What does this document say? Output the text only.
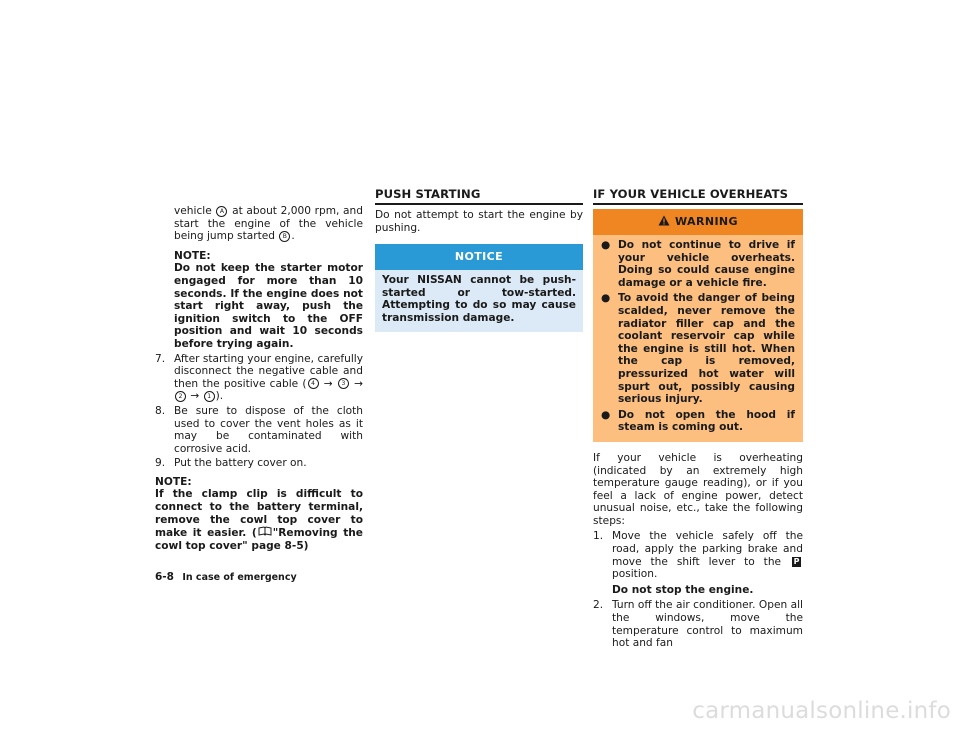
vehicle A at about 2,000 rpm, and start the engine of the vehicle being jump started B .

NOTE:

Do not keep the starter motor engaged for more than 10 seconds. If the engine does not start right away, push the ignition switch to the OFF position and wait 10 seconds before trying again.

7. After starting your engine, carefully disconnect the negative cable and then the positive cable ( 4 → 3 → 2 → 1 ).
8. Be sure to dispose of the cloth used to cover the vent holes as it may be contaminated with corrosive acid.
9. Put the battery cover on.

NOTE:

If the clamp clip is difficult to connect to the battery terminal, remove the cowl top cover to make it easier. ( "Removing the cowl top cover" page 8-5)

PUSH STARTING

Do not attempt to start the engine by pushing.

NOTICE
Your NISSAN cannot be push-started or tow-started. Attempting to do so may cause transmission damage.
IF YOUR VEHICLE OVERHEATS
WARNING
● Do not continue to drive if your vehicle overheats. Doing so could cause engine damage or a vehicle fire.
● To avoid the danger of being scalded, never remove the radiator filler cap and the coolant reservoir cap while the engine is still hot. When the cap is removed, pressurized hot water will spurt out, possibly causing serious injury.
● Do not open the hood if steam is coming out.

If your vehicle is overheating (indicated by an extremely high temperature gauge reading), or if you feel a lack of engine power, detect unusual noise, etc., take the following steps:

1. Move the vehicle safely off the road, apply the parking brake and move the shift lever to the P position.

Do not stop the engine.

2. Turn off the air conditioner. Open all the windows, move the temperature control to maximum hot and fan
6-8 In case of emergency
carmanualsonline.info
